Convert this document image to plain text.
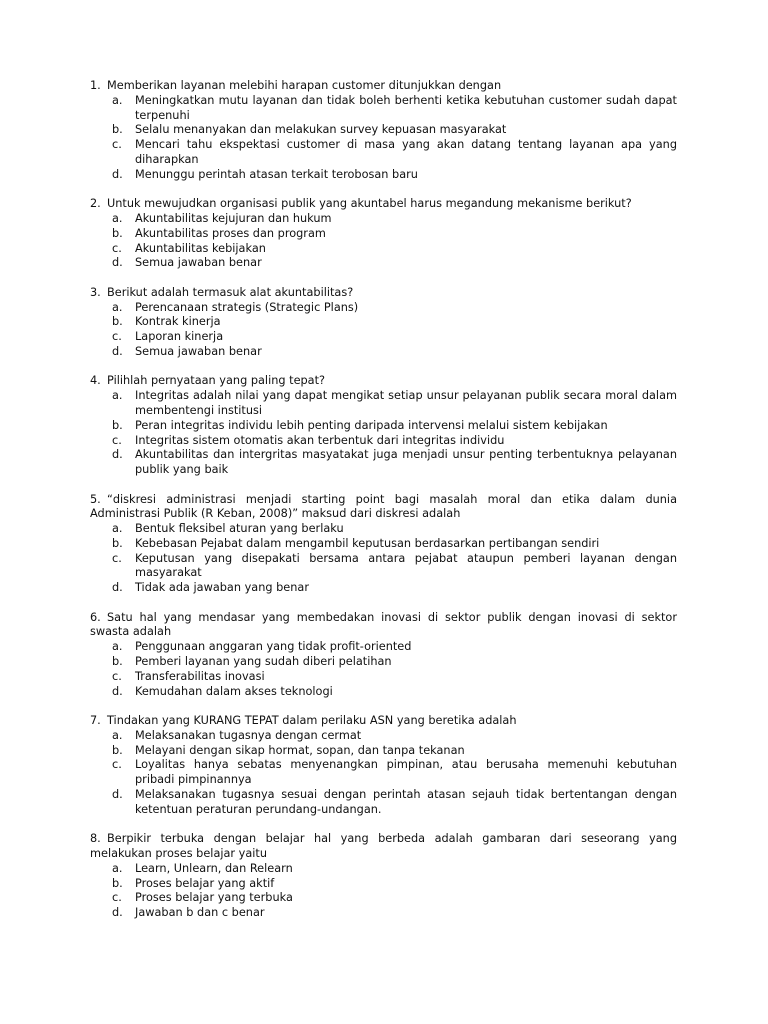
1. Memberikan layanan melebihi harapan customer ditunjukkan dengan
a. Meningkatkan mutu layanan dan tidak boleh berhenti ketika kebutuhan customer sudah dapat terpenuhi
b. Selalu menanyakan dan melakukan survey kepuasan masyarakat
c. Mencari tahu ekspektasi customer di masa yang akan datang tentang layanan apa yang diharapkan
d. Menunggu perintah atasan terkait terobosan baru
2. Untuk mewujudkan organisasi publik yang akuntabel harus megandung mekanisme berikut?
a. Akuntabilitas kejujuran dan hukum
b. Akuntabilitas proses dan program
c. Akuntabilitas kebijakan
d. Semua jawaban benar
3. Berikut adalah termasuk alat akuntabilitas?
a. Perencanaan strategis (Strategic Plans)
b. Kontrak kinerja
c. Laporan kinerja
d. Semua jawaban benar
4. Pilihlah pernyataan yang paling tepat?
a. Integritas adalah nilai yang dapat mengikat setiap unsur pelayanan publik secara moral dalam membentengi institusi
b. Peran integritas individu lebih penting daripada intervensi melalui sistem kebijakan
c. Integritas sistem otomatis akan terbentuk dari integritas individu
d. Akuntabilitas dan intergritas masyatakat juga menjadi unsur penting terbentuknya pelayanan publik yang baik
5. “diskresi administrasi menjadi starting point bagi masalah moral dan etika dalam dunia Administrasi Publik (R Keban, 2008)” maksud dari diskresi adalah
a. Bentuk fleksibel aturan yang berlaku
b. Kebebasan Pejabat dalam mengambil keputusan berdasarkan pertibangan sendiri
c. Keputusan yang disepakati bersama antara pejabat ataupun pemberi layanan dengan masyarakat
d. Tidak ada jawaban yang benar
6. Satu hal yang mendasar yang membedakan inovasi di sektor publik dengan inovasi di sektor swasta adalah
a. Penggunaan anggaran yang tidak profit-oriented
b. Pemberi layanan yang sudah diberi pelatihan
c. Transferabilitas inovasi
d. Kemudahan dalam akses teknologi
7. Tindakan yang KURANG TEPAT dalam perilaku ASN yang beretika adalah
a. Melaksanakan tugasnya dengan cermat
b. Melayani dengan sikap hormat, sopan, dan tanpa tekanan
c. Loyalitas hanya sebatas menyenangkan pimpinan, atau berusaha memenuhi kebutuhan pribadi pimpinannya
d. Melaksanakan tugasnya sesuai dengan perintah atasan sejauh tidak bertentangan dengan ketentuan peraturan perundang-undangan.
8. Berpikir terbuka dengan belajar hal yang berbeda adalah gambaran dari seseorang yang melakukan proses belajar yaitu
a. Learn, Unlearn, dan Relearn
b. Proses belajar yang aktif
c. Proses belajar yang terbuka
d. Jawaban b dan c benar
